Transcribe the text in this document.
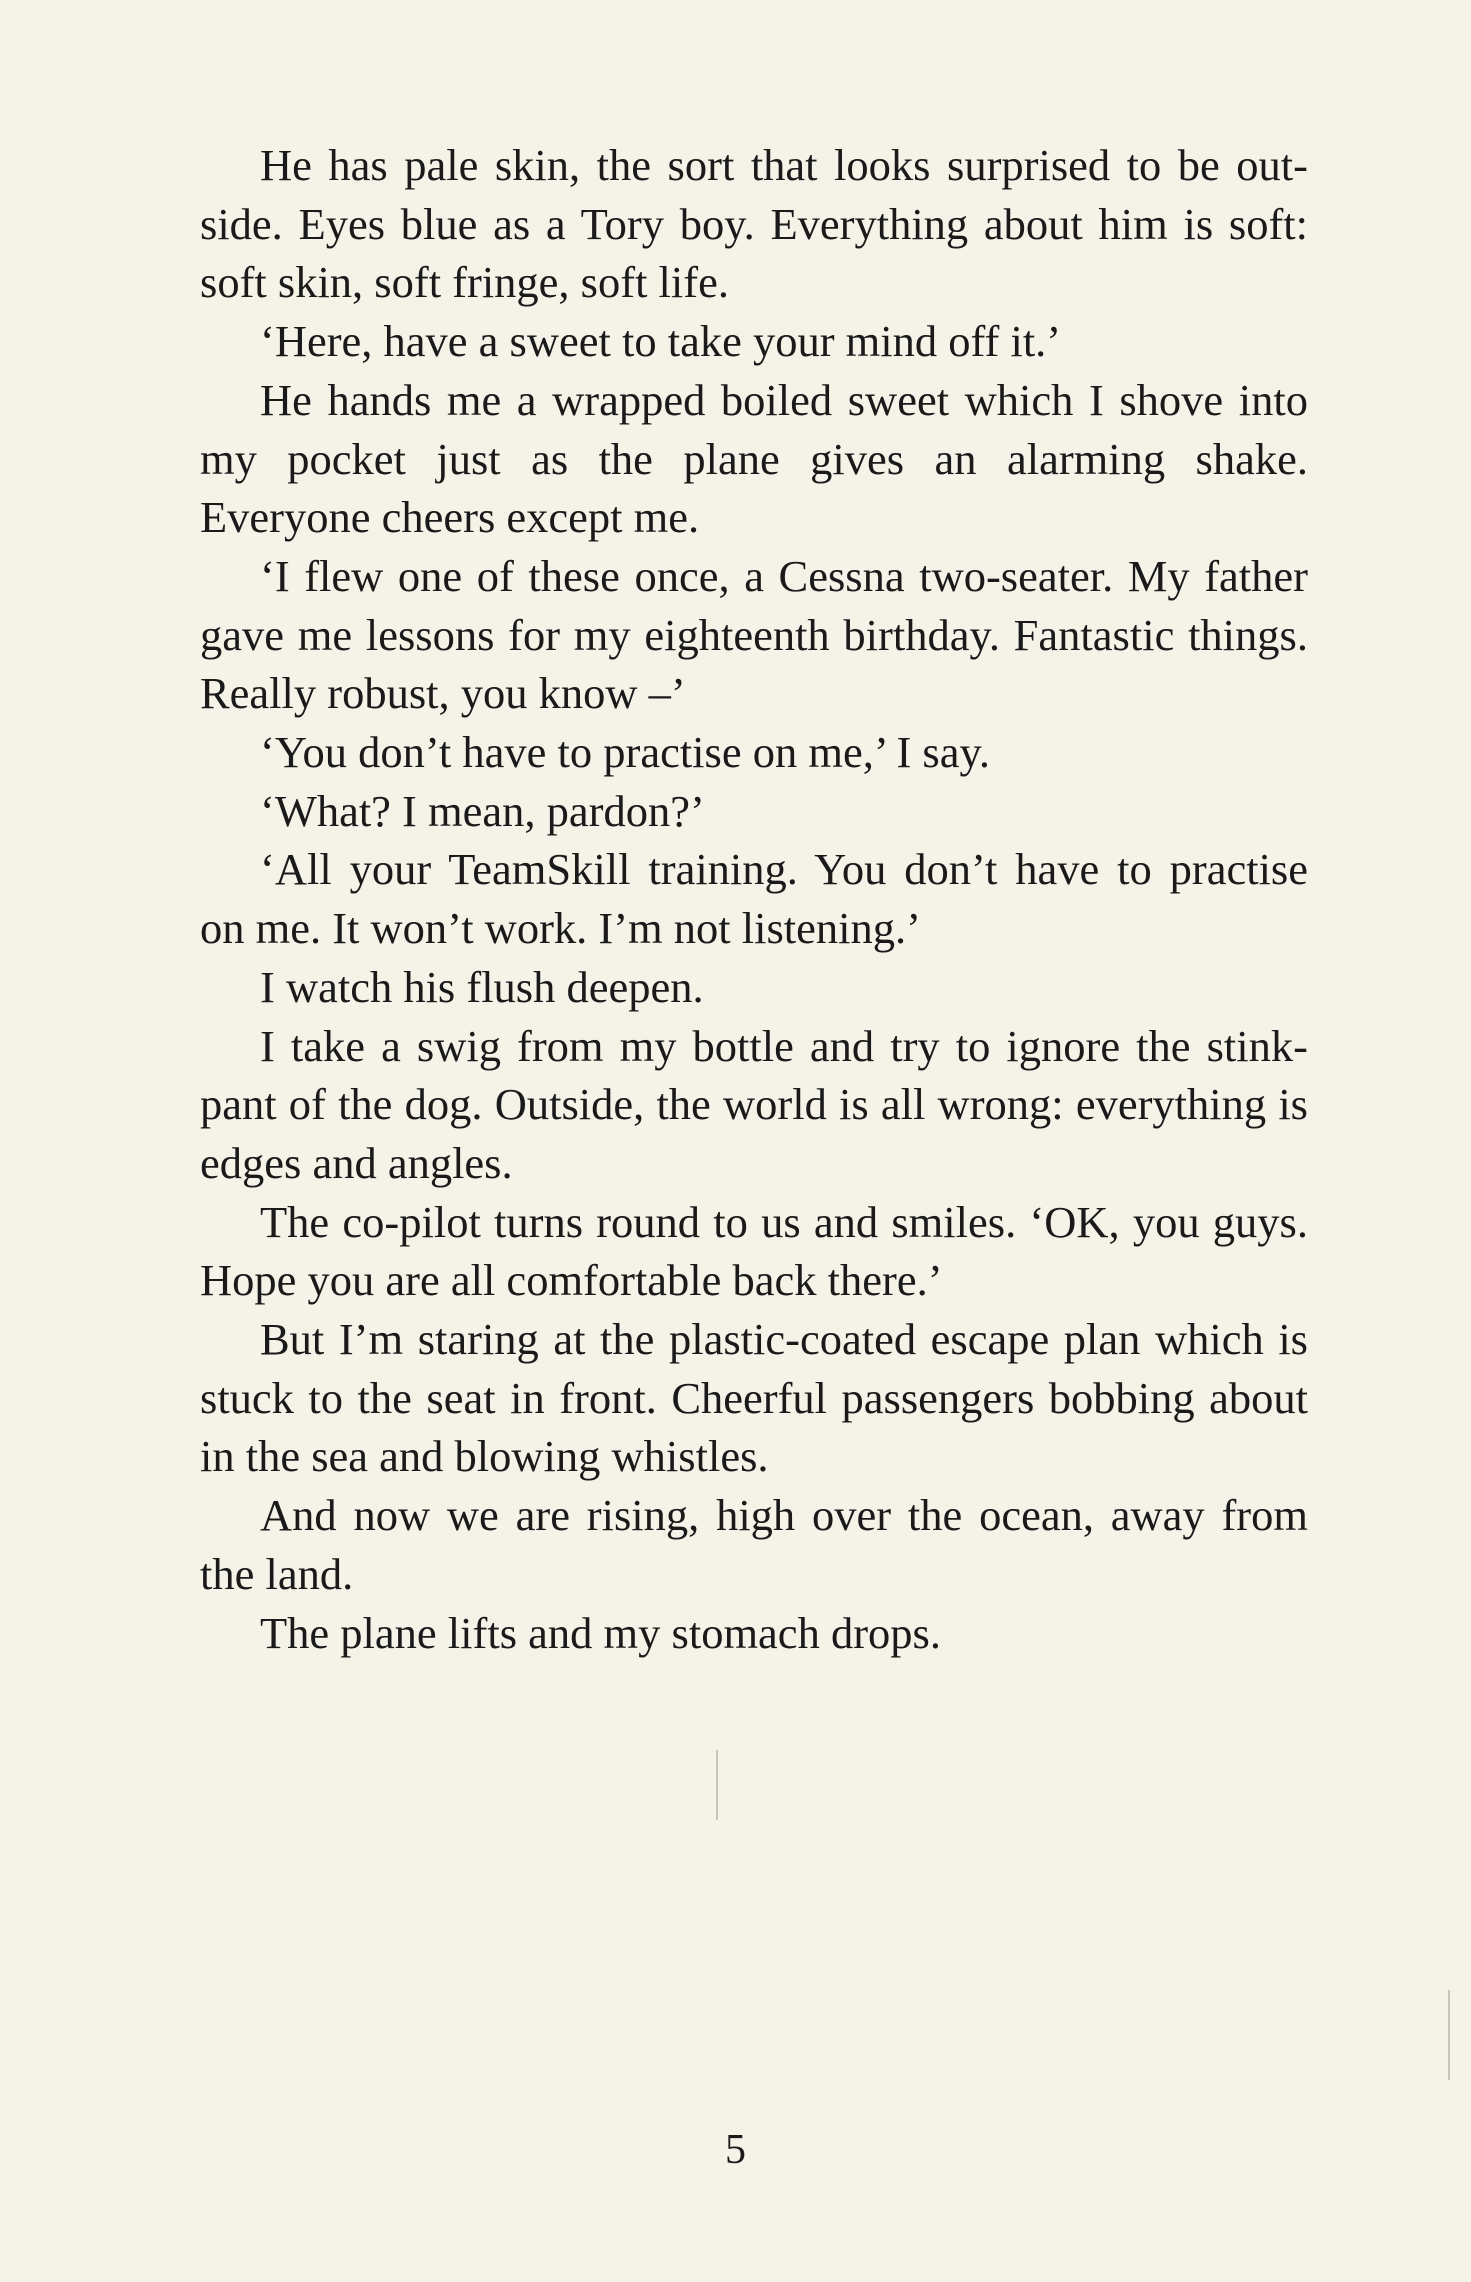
He has pale skin, the sort that looks surprised to be outside. Eyes blue as a Tory boy. Everything about him is soft: soft skin, soft fringe, soft life.

‘Here, have a sweet to take your mind off it.’

He hands me a wrapped boiled sweet which I shove into my pocket just as the plane gives an alarming shake. Everyone cheers except me.

‘I flew one of these once, a Cessna two-seater. My father gave me lessons for my eighteenth birthday. Fantastic things. Really robust, you know –’

‘You don’t have to practise on me,’ I say.

‘What? I mean, pardon?’

‘All your TeamSkill training. You don’t have to practise on me. It won’t work. I’m not listening.’

I watch his flush deepen.

I take a swig from my bottle and try to ignore the stinkpant of the dog. Outside, the world is all wrong: everything is edges and angles.

The co-pilot turns round to us and smiles. ‘OK, you guys. Hope you are all comfortable back there.’

But I’m staring at the plastic-coated escape plan which is stuck to the seat in front. Cheerful passengers bobbing about in the sea and blowing whistles.

And now we are rising, high over the ocean, away from the land.

The plane lifts and my stomach drops.

5
